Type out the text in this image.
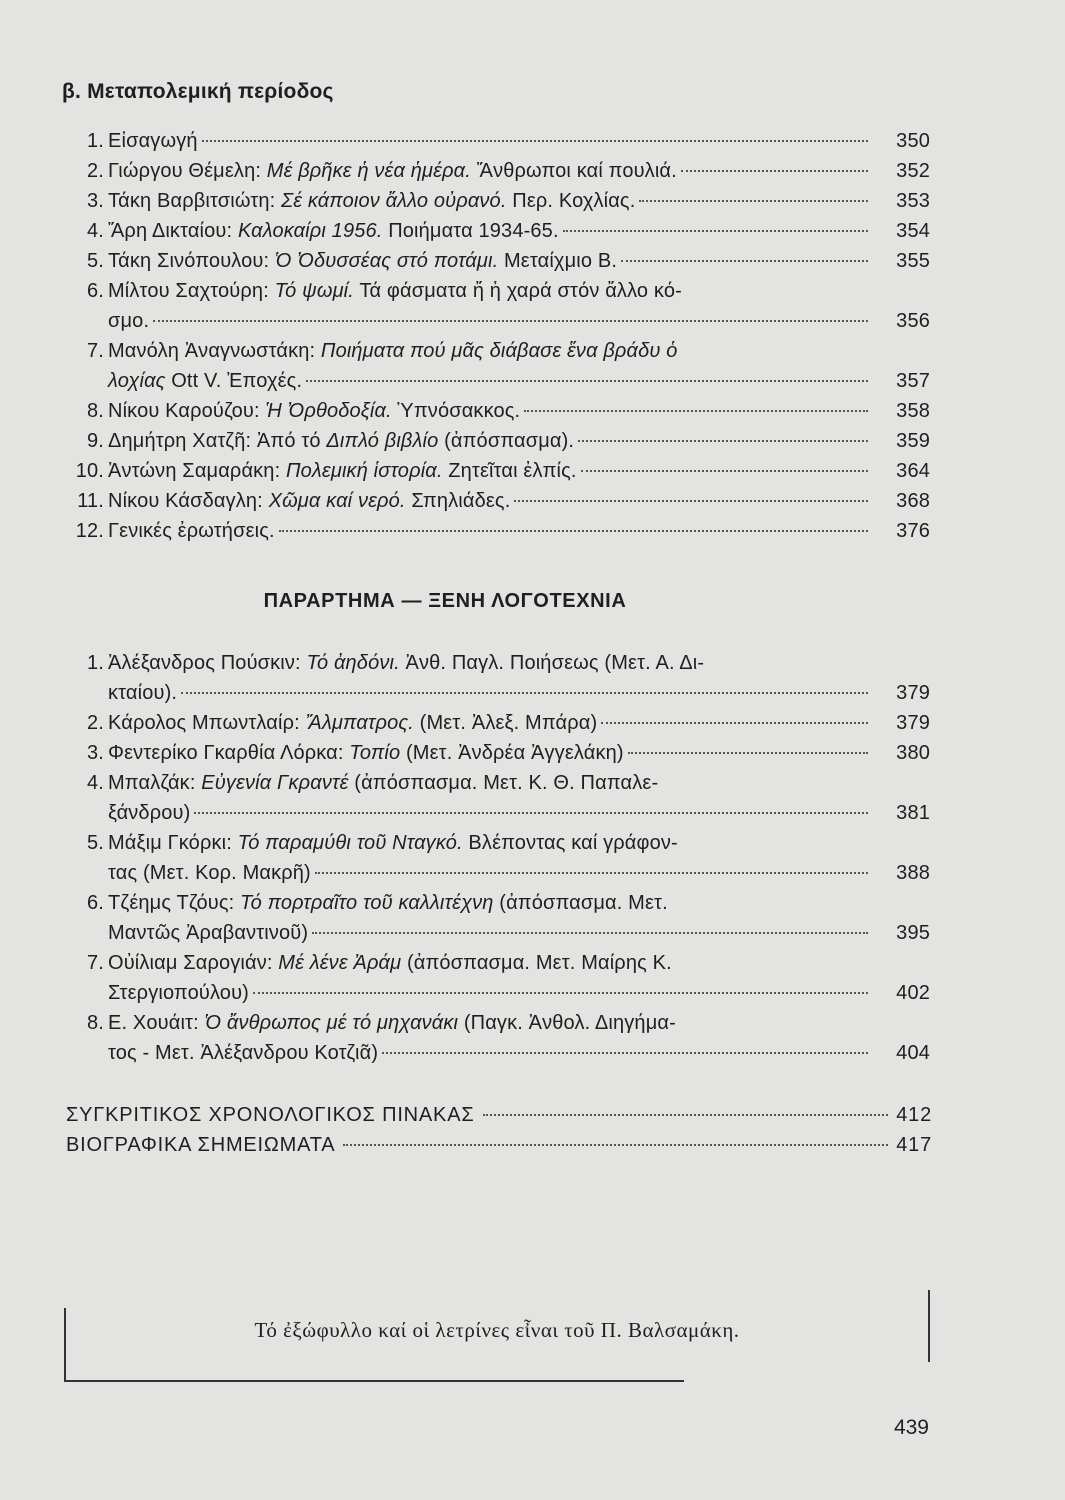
β. Μεταπολεμική περίοδος
1. Εἰσαγωγή	350
2. Γιώργου Θέμελη: Μέ βρῆκε ἡ νέα ἡμέρα. Ἄνθρωποι καί πουλιά.	352
3. Τάκη Βαρβιτσιώτη: Σέ κάποιον ἄλλο οὐρανό. Περ. Κοχλίας.	353
4. Ἄρη Δικταίου: Καλοκαίρι 1956. Ποιήματα 1934-65.	354
5. Τάκη Σινόπουλου: Ὁ Ὀδυσσέας στό ποτάμι. Μεταίχμιο Β.	355
6. Μίλτου Σαχτούρη: Τό ψωμί. Τά φάσματα ἤ ἡ χαρά στόν ἄλλο κό-
σμο.	356
7. Μανόλη Ἀναγνωστάκη: Ποιήματα πού μᾶς διάβασε ἕνα βράδυ ὁ
λοχίας Ott V. Ἐποχές.	357
8. Νίκου Καρούζου: Ἡ Ὀρθοδοξία. Ὑπνόσακκος.	358
9. Δημήτρη Χατζῆ: Ἀπό τό Διπλό βιβλίο (ἀπόσπασμα).	359
10. Ἀντώνη Σαμαράκη: Πολεμική ἱστορία. Ζητεῖται ἐλπίς.	364
11. Νίκου Κάσδαγλη: Χῶμα καί νερό. Σπηλιάδες.	368
12. Γενικές ἐρωτήσεις.	376
ΠΑΡΑΡΤΗΜΑ — ΞΕΝΗ ΛΟΓΟΤΕΧΝΙΑ
1. Ἀλέξανδρος Πούσκιν: Τό ἀηδόνι. Ἀνθ. Παγλ. Ποιήσεως (Μετ. Α. Δι-
κταίου).	379
2. Κάρολος Μπωντλαίρ: Ἄλμπατρος. (Μετ. Ἀλεξ. Μπάρα)	379
3. Φεντερίκο Γκαρθία Λόρκα: Τοπίο (Μετ. Ἀνδρέα Ἀγγελάκη)	380
4. Μπαλζάκ: Εὐγενία Γκραντέ (ἀπόσπασμα. Μετ. Κ. Θ. Παπαλε-
ξάνδρου)	381
5. Μάξιμ Γκόρκι: Τό παραμύθι τοῦ Νταγκό. Βλέποντας καί γράφον-
τας (Μετ. Κορ. Μακρῆ)	388
6. Τζέημς Τζόυς: Τό πορτραῖτο τοῦ καλλιτέχνη (ἀπόσπασμα. Μετ.
Μαντῶς Ἀραβαντινοῦ)	395
7. Οὐίλιαμ Σαρογιάν: Μέ λένε Ἀράμ (ἀπόσπασμα. Μετ. Μαίρης Κ.
Στεργιοπούλου)	402
8. Ε. Χουάιτ: Ὁ ἄνθρωπος μέ τό μηχανάκι (Παγκ. Ἀνθολ. Διηγήμα-
τος - Μετ. Ἀλέξανδρου Κοτζιᾶ)	404
ΣΥΓΚΡΙΤΙΚΟΣ ΧΡΟΝΟΛΟΓΙΚΟΣ ΠΙΝΑΚΑΣ	412
ΒΙΟΓΡΑΦΙΚΑ ΣΗΜΕΙΩΜΑΤΑ	417
Τό ἐξώφυλλο καί οἱ λετρίνες εἶναι τοῦ Π. Βαλσαμάκη.
439
